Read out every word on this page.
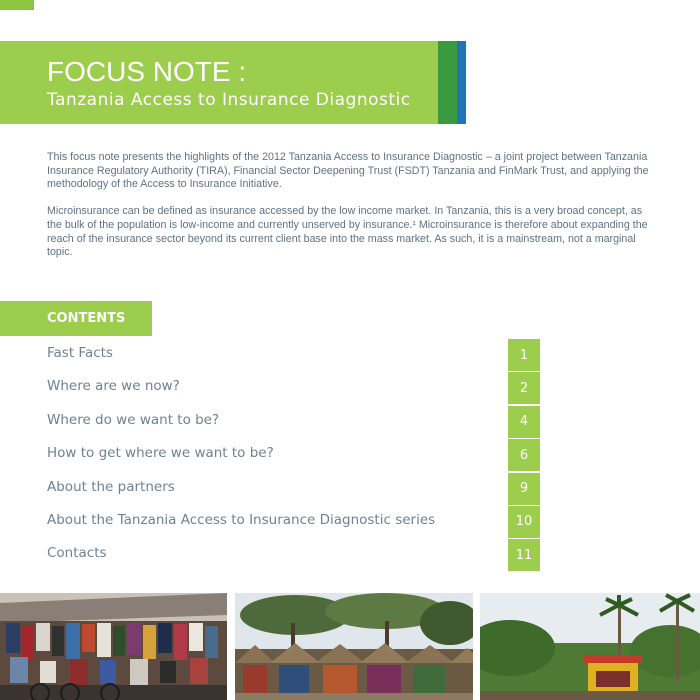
FOCUS NOTE :
Tanzania Access to Insurance Diagnostic

This focus note presents the highlights of the 2012 Tanzania Access to Insurance Diagnostic – a joint project between Tanzania Insurance Regulatory Authority (TIRA), Financial Sector Deepening Trust (FSDT) Tanzania and FinMark Trust, and applying the methodology of the Access to Insurance Initiative.

Microinsurance can be defined as insurance accessed by the low income market. In Tanzania, this is a very broad concept, as the bulk of the population is low-income and currently unserved by insurance.¹ Microinsurance is therefore about expanding the reach of the insurance sector beyond its current client base into the mass market. As such, it is a mainstream, not a marginal topic.

CONTENTS
Fast Facts	1
Where are we now?	2
Where do we want to be?	4
How to get where we want to be?	6
About the partners	9
About the Tanzania Access to Insurance Diagnostic series	10
Contacts	11
